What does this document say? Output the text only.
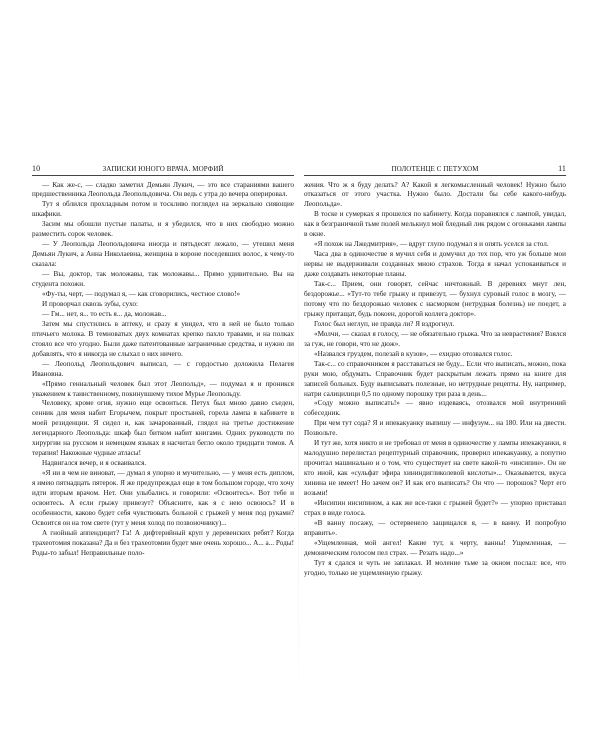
10	ЗАПИСКИ ЮНОГО ВРАЧА. МОРФИЙ

— Как же-с, — сладко заметил Демьян Лукич, — это все стараниями вашего предшественника Леопольда Леопольдовича. Он ведь с утра до вечера оперировал.

Тут я облился прохладным потом и тоскливо поглядел на зеркально сияющие шкафики.

Засим мы обошли пустые палаты, и я убедился, что в них свободно можно разместить сорок человек.

— У Леопольда Леопольдовича иногда и пятьдесят лежало, — утешил меня Демьян Лукич, а Анна Николаевна, женщина в короне поседевших волос, к чему-то сказала:

— Вы, доктор, так моложавы, так моложавы... Прямо удивительно. Вы на студента похожи.

«Фу-ты, черт, — подумал я, — как сговорились, честное слово!»

И проворчал сквозь зубы, сухо:

— Гм... нет, я... то есть я... да, моложав...

Затем мы спустились в аптеку, и сразу я увидел, что в ней не было только птичьего молока. В темноватых двух комнатах крепко пахло травами, и на полках стояло все что угодно. Были даже патентованные заграничные средства, и нужно ли добавлять, что я никогда не слыхал о них ничего.

— Леопольд Леопольдович выписал, — с гордостью доложила Пелагея Ивановна.

«Прямо гениальный человек был этот Леопольд», — подумал я и проникся уважением к таинственному, покинувшему тихое Мурье Леопольду.

Человеку, кроме огня, нужно еще освоиться. Петух был мною давно съеден, сенник для меня набит Егорычем, покрыт простыней, горела лампа в кабинете в моей резиденции. Я сидел и, как зачарованный, глядел на третье достижение легендарного Леопольда: шкаф был битком набит книгами. Одних руководств по хирургии на русском и немецком языках я насчитал бегло около тридцати томов. А терапия! Накожные чудные атласы!

Надвигался вечер, и я осваивался.

«Я ни в чем не виноват, — думал я упорно и мучительно, — у меня есть диплом, я имею пятнадцать пятерок. Я же предупреждал еще в том большом городе, что хочу идти вторым врачом. Нет. Они улыбались и говорили: «Освоитесь». Вот тебе и освоитесь. А если грыжу привезут? Объясните, как я с нею освоюсь? И в особенности, каково будет себя чувствовать больной с грыжей у меня под руками? Освоится он на том свете (тут у меня холод по позвоночнику)...

А гнойный аппендицит? Га! А дифтерийный круп у деревенских ребят? Когда трахеотомия показана? Да и без трахеотомии будет мне очень хорошо... А... а... Роды! Роды-то забыл! Неправильные поло-

ПОЛОТЕНЦЕ С ПЕТУХОМ	11

жения. Что ж я буду делать? А? Какой я легкомысленный человек! Нужно было отказаться от этого участка. Нужно было. Достали бы себе какого-нибудь Леопольда».

В тоске и сумерках я прошелся по кабинету. Когда поравнялся с лампой, увидал, как в безграничной тьме полей мелькнул мой бледный лик рядом с огоньками лампы в окне.

«Я похож на Лжедмитрия», — вдруг глупо подумал я и опять уселся за стол.

Часа два в одиночестве я мучил себя и домучил до тех пор, что уж больше мои нервы не выдерживали созданных мною страхов. Тогда я начал успокаиваться и даже создавать некоторые планы.

Так-с... Прием, они говорят, сейчас ничтожный. В деревнях мнут лен, бездорожье... «Тут-то тебе грыжу и привезут, — бухнул суровый голос в мозгу, — потому что по бездорожью человек с насморком (нетрудная болезнь) не поедет, а грыжу притащат, будь покоен, дорогой коллега доктор».

Голос был неглуп, не правда ли? Я вздрогнул.

«Молчи, — сказал я голосу, — не обязательно грыжа. Что за неврастения? Взялся за гуж, не говори, что не дюж».

«Назвался груздем, полезай в кузов», — ехидно отозвался голос.

Так-с... со справочником я расставаться не буду... Если что выписать, можно, пока руки мою, обдумать. Справочник будет раскрытым лежать прямо на книге для записей больных. Буду выписывать полезные, но нетрудные рецепты. Ну, например, натри салицилици 0,5 по одному порошку три раза в день...

«Соду можно выписать!» — явно издеваясь, отозвался мой внутренний собеседник.

При чем тут сода? Я и ипекакуанку выпишу — инфузум... на 180. Или на двести. Позвольте.

И тут же, хотя никто и не требовал от меня в одиночестве у лампы ипекакуанки, я малодушно перелистал рецептурный справочник, проверил ипекакуанку, а попутно прочитал машинально и о том, что существует на свете какой-то «инсипин». Он не кто иной, как «сульфат эфира хининдигликолевой кислоты»... Оказывается, вкуса хинина не имеет! Но зачем он? И как его выписать? Он что — порошок? Черт его возьми!

«Инсипин инсипином, а как же все-таки с грыжей будет?» — упорно приставал страх в виде голоса.

«В ванну посажу, — остервенело защищался я, — в ванну. И попробую вправить».

«Ущемленная, мой ангел! Какие тут, к черту, ванны! Ущемленная, — демоническим голосом пел страх. — Резать надо...»

Тут я сдался и чуть не заплакал. И моление тьме за окном послал: все, что угодно, только не ущемленную грыжу.
